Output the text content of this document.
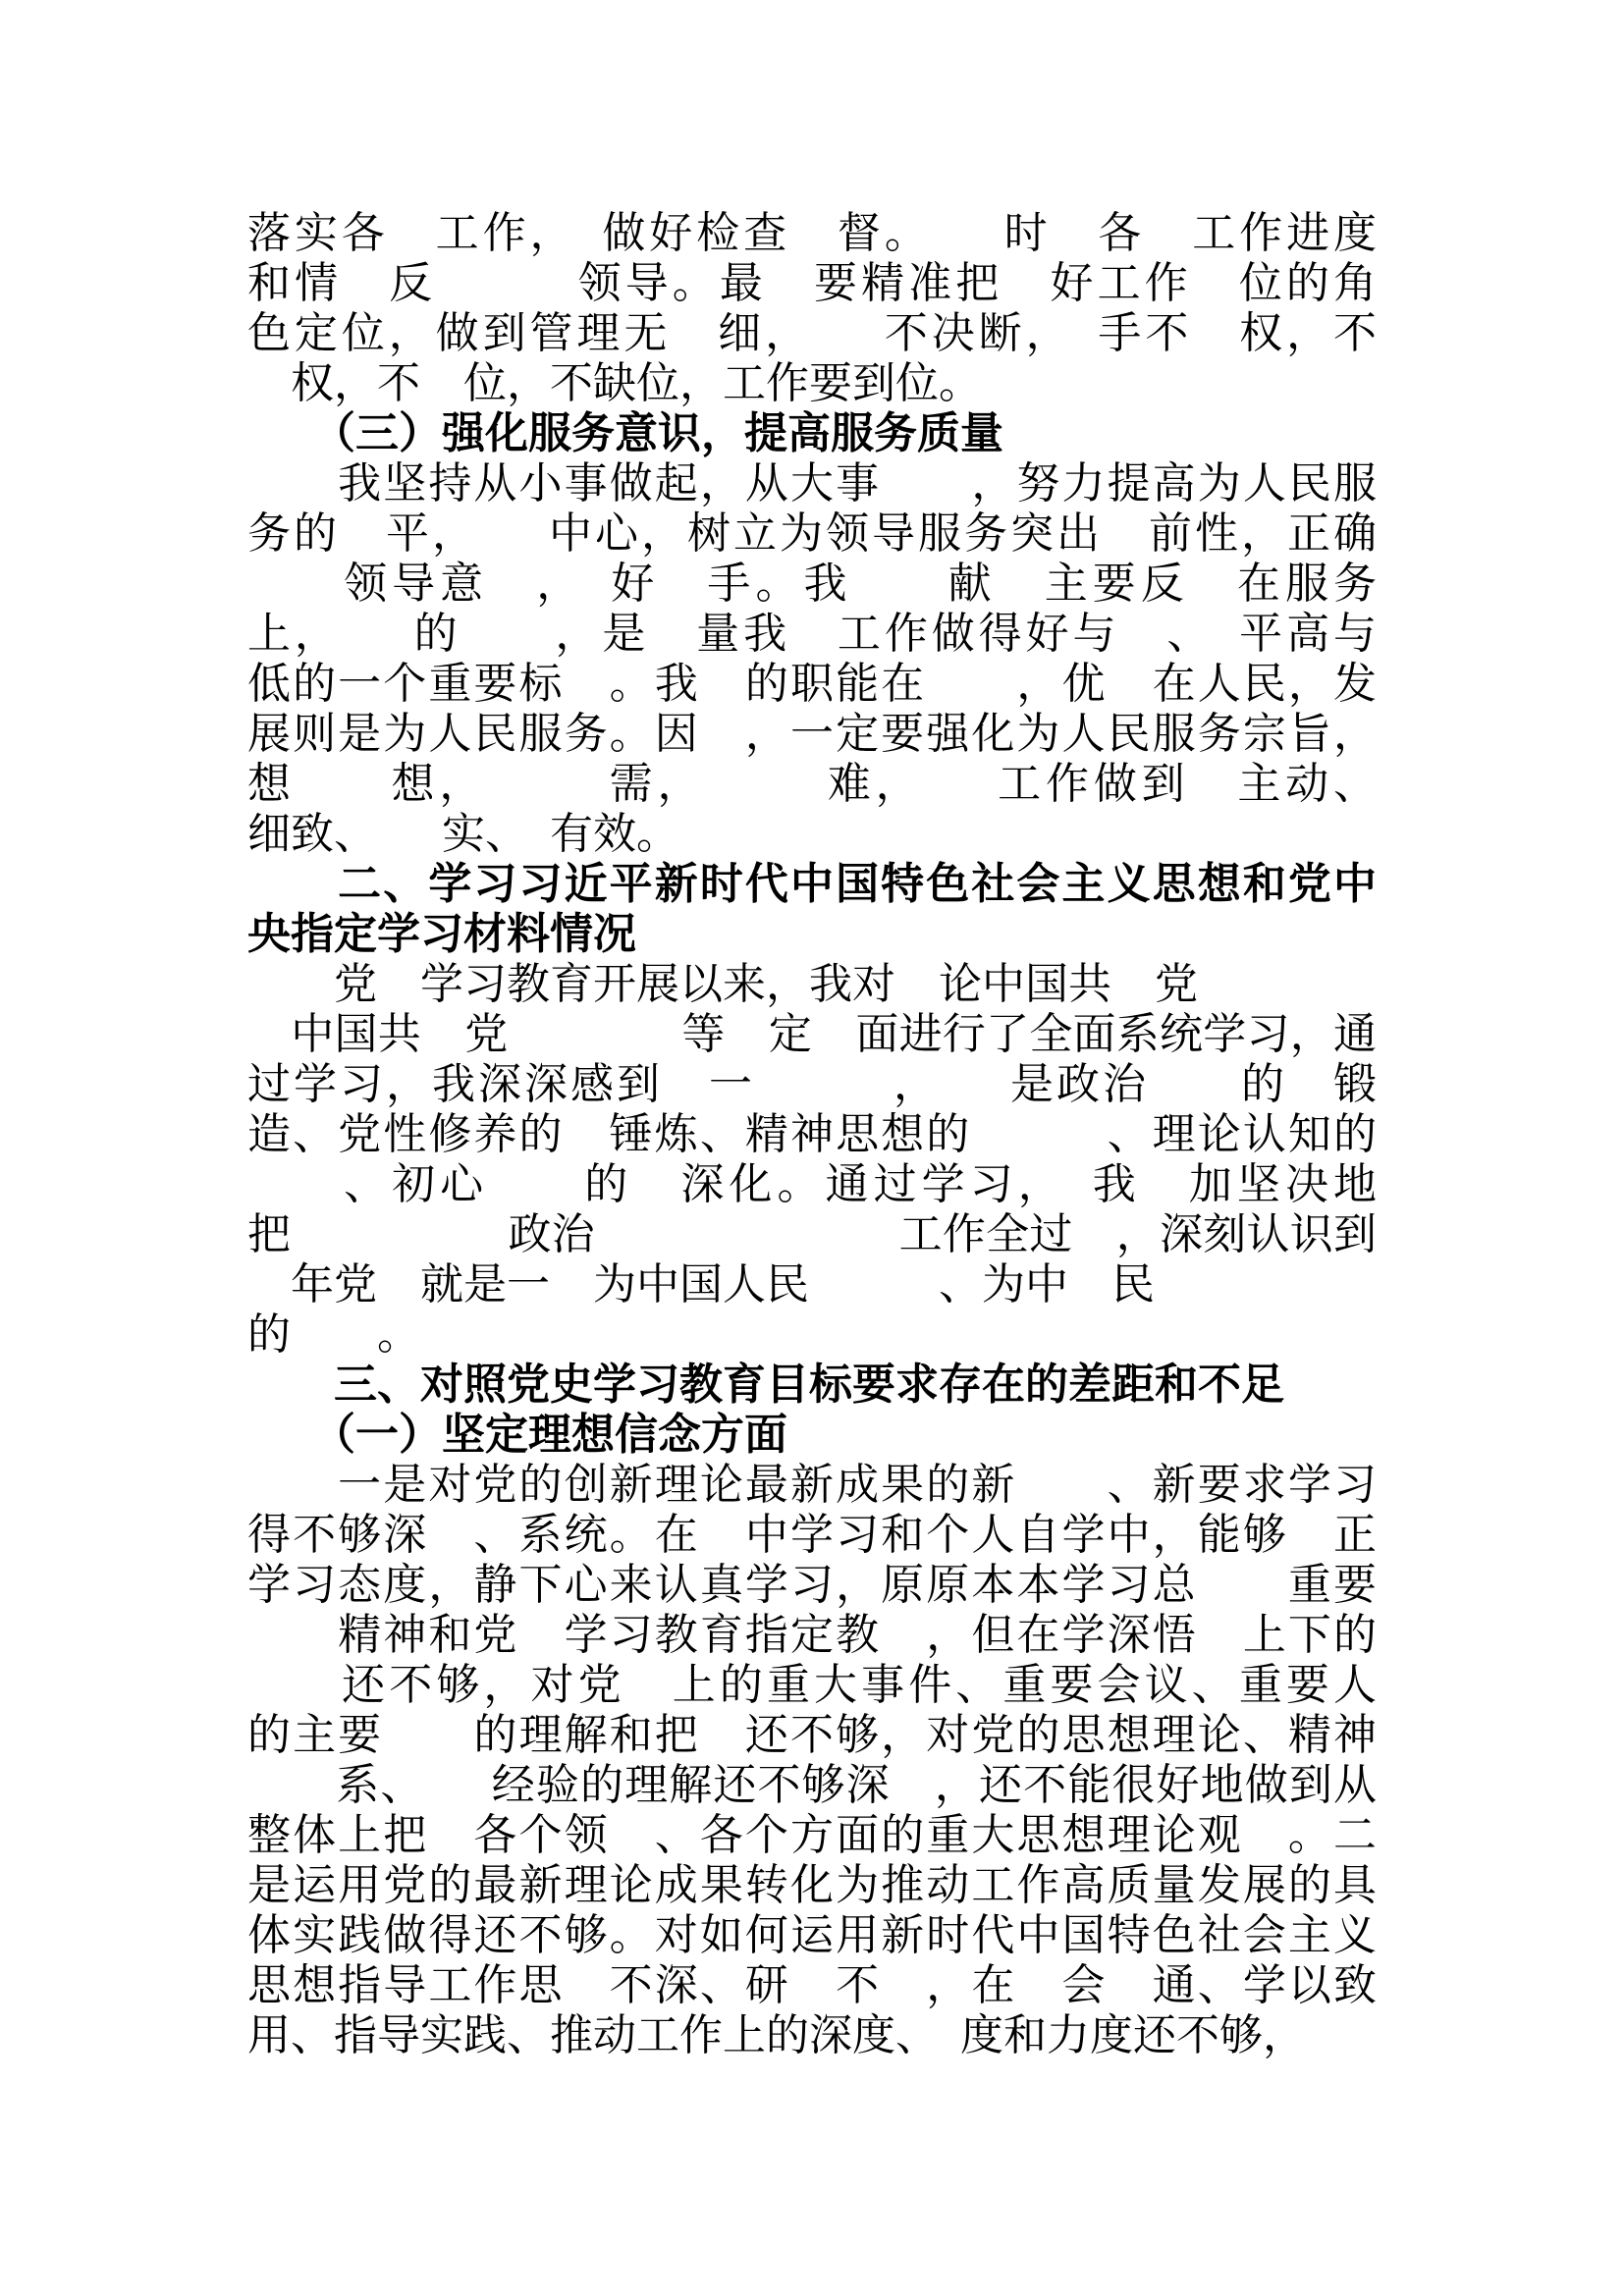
落实各　工作，　做好检查　督。　　时　各　工作进度
和情　反　　　领导。最　要精准把　好工作　位的角
色定位，做到管理无　细，　　不决断，　手不　权，不
　权，不　位，不缺位，工作要到位。
　　（三）强化服务意识，提高服务质量
　　我坚持从小事做起，从大事　　，努力提高为人民服
务的　平，　　中心，树立为领导服务突出　前性，正确
　　领导意　，　好　手。我　　献　主要反　在服务
上，　　的　　，是　量我　工作做得好与　、　平高与
低的一个重要标　。我　的职能在　　，优　在人民，发
展则是为人民服务。因　，一定要强化为人民服务宗旨，
想　　想，　　　需，　　　难，　　工作做到　主动、
细致、　　实、　有效。
　　二、学习习近平新时代中国特色社会主义思想和党中
央指定学习材料情况
　　党　学习教育开展以来，我对　论中国共　党
　中国共　党　　　　等　定　面进行了全面系统学习，通
过学习，我深深感到　一　　　，　　是政治　　的　锻
造、党性修养的　锤炼、精神思想的　　　、理论认知的
　　、初心　　的　深化。通过学习，　我　加坚决地
把　　　　　政治　　　　　　　工作全过　，深刻认识到
　年党　就是一　为中国人民　　　、为中　民
的　　。
　　三、对照党史学习教育目标要求存在的差距和不足
　　（一）坚定理想信念方面
　　一是对党的创新理论最新成果的新　　、新要求学习
得不够深　、系统。在　中学习和个人自学中，能够　正
学习态度，静下心来认真学习，原原本本学习总　　重要
　　精神和党　学习教育指定教　，但在学深悟　上下的
　　还不够，对党　上的重大事件、重要会议、重要人
的主要　　的理解和把　还不够，对党的思想理论、精神
　　系、　　经验的理解还不够深　，还不能很好地做到从
整体上把　各个领　、各个方面的重大思想理论观　。二
是运用党的最新理论成果转化为推动工作高质量发展的具
体实践做得还不够。对如何运用新时代中国特色社会主义
思想指导工作思　不深、研　不　，在　会　通、学以致
用、指导实践、推动工作上的深度、　度和力度还不够，
